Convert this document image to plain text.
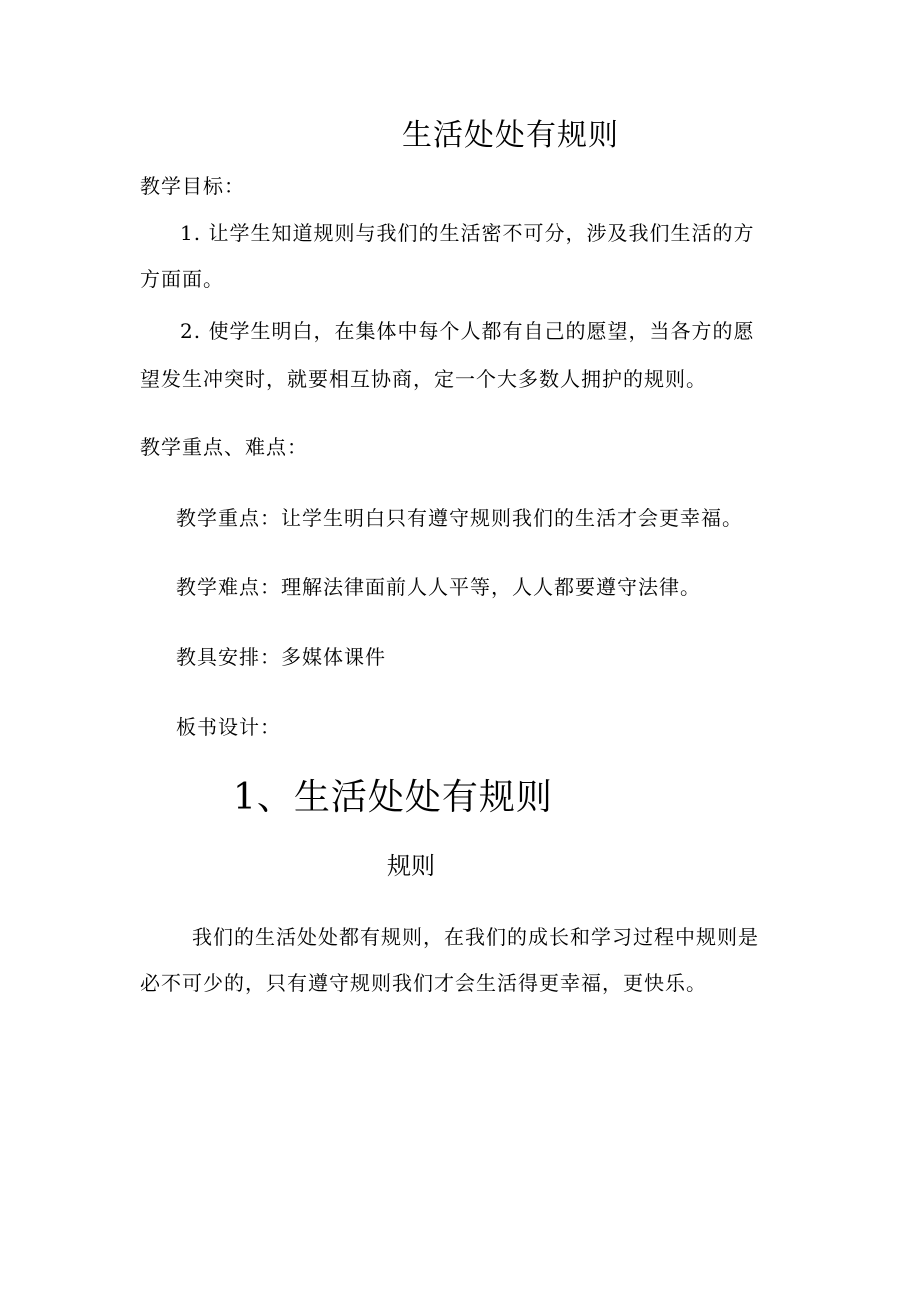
生活处处有规则

教学目标：

1. 让学生知道规则与我们的生活密不可分，涉及我们生活的方

方面面。

2. 使学生明白，在集体中每个人都有自己的愿望，当各方的愿

望发生冲突时，就要相互协商，定一个大多数人拥护的规则。

教学重点、难点：

教学重点：让学生明白只有遵守规则我们的生活才会更幸福。

教学难点：理解法律面前人人平等，人人都要遵守法律。

教具安排：多媒体课件

板书设计：

1、生活处处有规则

规则

我们的生活处处都有规则，在我们的成长和学习过程中规则是

必不可少的，只有遵守规则我们才会生活得更幸福，更快乐。
